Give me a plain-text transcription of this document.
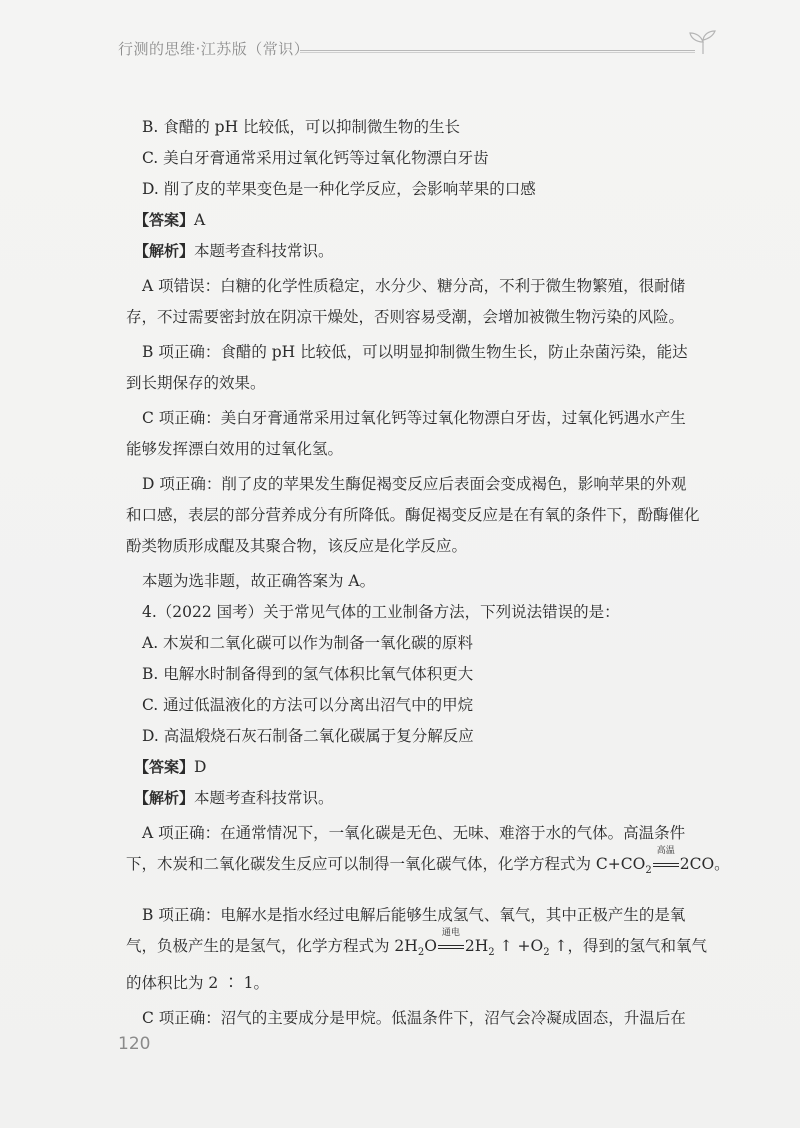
行测的思维·江苏版（常识）

B. 食醋的 pH 比较低，可以抑制微生物的生长

C. 美白牙膏通常采用过氧化钙等过氧化物漂白牙齿

D. 削了皮的苹果变色是一种化学反应，会影响苹果的口感

【答案】A

【解析】本题考查科技常识。

A 项错误：白糖的化学性质稳定，水分少、糖分高，不利于微生物繁殖，很耐储

存，不过需要密封放在阴凉干燥处，否则容易受潮，会增加被微生物污染的风险。

B 项正确：食醋的 pH 比较低，可以明显抑制微生物生长，防止杂菌污染，能达

到长期保存的效果。

C 项正确：美白牙膏通常采用过氧化钙等过氧化物漂白牙齿，过氧化钙遇水产生

能够发挥漂白效用的过氧化氢。

D 项正确：削了皮的苹果发生酶促褐变反应后表面会变成褐色，影响苹果的外观

和口感，表层的部分营养成分有所降低。酶促褐变反应是在有氧的条件下，酚酶催化

酚类物质形成醌及其聚合物，该反应是化学反应。

本题为选非题，故正确答案为 A。

4.（2022 国考）关于常见气体的工业制备方法，下列说法错误的是：

A. 木炭和二氧化碳可以作为制备一氧化碳的原料

B. 电解水时制备得到的氢气体积比氧气体积更大

C. 通过低温液化的方法可以分离出沼气中的甲烷

D. 高温煅烧石灰石制备二氧化碳属于复分解反应

【答案】D

【解析】本题考查科技常识。

A 项正确：在通常情况下，一氧化碳是无色、无味、难溶于水的气体。高温条件

下，木炭和二氧化碳发生反应可以制得一氧化碳气体，化学方程式为 $C+CO_2$
高温
2CO。

B 项正确：电解水是指水经过电解后能够生成氢气、氧气，其中正极产生的是氧

气，负极产生的是氢气，化学方程式为 $2H_2O$
通电
$2H_2$ ↑ $+O_2$ ↑，得到的氢气和氧气

的体积比为 2 ∶ 1。

C 项正确：沼气的主要成分是甲烷。低温条件下，沼气会冷凝成固态，升温后在

120
